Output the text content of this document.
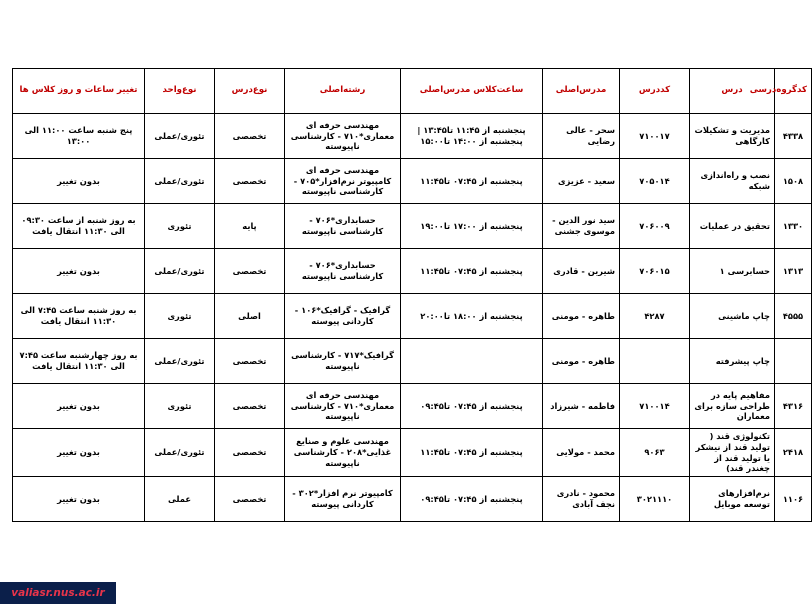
کدگروه‌درسی	درس	کددرس	مدرس‌اصلی	ساعت‌کلاس مدرس‌اصلی	رشته‌اصلی	نوع‌درس	نوع‌واحد	تغییر ساعات و روز کلاس ها
۴۳۳۸	مدیریت و تشکیلات کارگاهی	۷۱۰۰۱۷	سحر - عالی رضایی	پنجشنبه از ۱۱:۴۵ تا۱۳:۴۵ | پنجشنبه از ۱۴:۰۰ تا۱۵:۰۰	مهندسی حرفه ای معماری*۷۱۰ - کارشناسی ناپیوسته	تخصصی	تئوری/عملی	پنج شنبه ساعت ۱۱:۰۰ الی ۱۳:۰۰
۱۵۰۸	نصب و راه‌اندازی شبکه	۷۰۵۰۱۴	سعید - عزیزی	پنجشنبه از ۰۷:۴۵ تا۱۱:۴۵	مهندسی حرفه ای کامپیوتر نرم‌افزار*۷۰۵ - کارشناسی ناپیوسته	تخصصی	تئوری/عملی	بدون تغییر
۱۳۳۰	تحقیق در عملیات	۷۰۶۰۰۹	سید نور الدین - موسوی جشنی	پنجشنبه از ۱۷:۰۰ تا۱۹:۰۰	حسابداری*۷۰۶ - کارشناسی ناپیوسته	پایه	تئوری	به روز شنبه از ساعت ۰۹:۳۰ الی ۱۱:۳۰ انتقال یافت
۱۳۱۳	حسابرسی ۱	۷۰۶۰۱۵	شیرین - قادری	پنجشنبه از ۰۷:۴۵ تا۱۱:۴۵	حسابداری*۷۰۶ - کارشناسی ناپیوسته	تخصصی	تئوری/عملی	بدون تغییر
۴۵۵۵	چاپ ماشینی	۴۲۸۷	طاهره - مومنی	پنجشنبه از ۱۸:۰۰ تا۲۰:۰۰	گرافیک - گرافیک*۱۰۶ - کاردانی پیوسته	اصلی	تئوری	به روز شنبه ساعت ۷:۴۵ الی ۱۱:۳۰ انتقال یافت
	چاپ پیشرفته		طاهره - مومنی		گرافیک*۷۱۷ - کارشناسی ناپیوسته	تخصصی	تئوری/عملی	به روز چهارشنبه ساعت ۷:۴۵ الی ۱۱:۳۰ انتقال یافت
۴۳۱۶	مفاهیم پایه در طراحی سازه برای معماران	۷۱۰۰۱۴	فاطمه - شیرزاد	پنجشنبه از ۰۷:۴۵ تا۰۹:۴۵	مهندسی حرفه ای معماری*۷۱۰ - کارشناسی ناپیوسته	تخصصی	تئوری	بدون تغییر
۲۴۱۸	تکنولوژی قند ( تولید قند از نیشکر یا تولید قند از چغندر قند)	۹۰۶۳	محمد - مولایی	پنجشنبه از ۰۷:۴۵ تا۱۱:۴۵	مهندسی علوم و صنایع غذایی*۲۰۸ - کارشناسی ناپیوسته	تخصصی	تئوری/عملی	بدون تغییر
۱۱۰۶	نرم‌افزارهای توسعه موبایل	۳۰۲۱۱۱۰	محمود - نادری نجف آبادی	پنجشنبه از ۰۷:۴۵ تا۰۹:۴۵	کامپیوتر نرم افزار*۳۰۲ - کاردانی پیوسته	تخصصی	عملی	بدون تغییر
valiasr.nus.ac.ir
